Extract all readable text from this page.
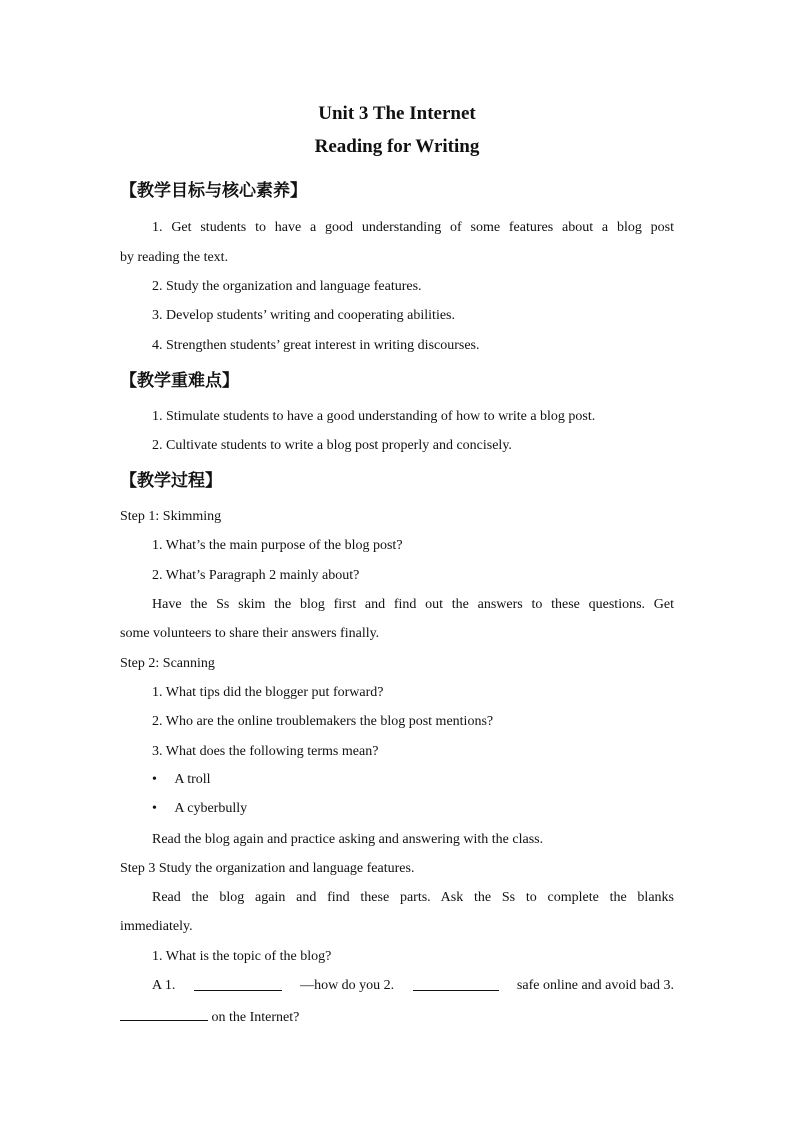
Unit 3 The Internet
Reading for Writing
【教学目标与核心素养】
1. Get students to have a good understanding of some features about a blog post
by reading the text.
2. Study the organization and language features.
3. Develop students’ writing and cooperating abilities.
4. Strengthen students’ great interest in writing discourses.
【教学重难点】
1. Stimulate students to have a good understanding of how to write a blog post.
2. Cultivate students to write a blog post properly and concisely.
【教学过程】
Step 1: Skimming
1. What’s the main purpose of the blog post?
2. What’s Paragraph 2 mainly about?
Have the Ss skim the blog first and find out the answers to these questions. Get
some volunteers to share their answers finally.
Step 2: Scanning
1. What tips did the blogger put forward?
2. Who are the online troublemakers the blog post mentions?
3. What does the following terms mean?
• A troll
• A cyberbully
Read the blog again and practice asking and answering with the class.
Step 3 Study the organization and language features.
Read the blog again and find these parts. Ask the Ss to complete the blanks
immediately.
1. What is the topic of the blog?
A 1.	—how do you 2.	safe online and avoid bad 3.
on the Internet?
